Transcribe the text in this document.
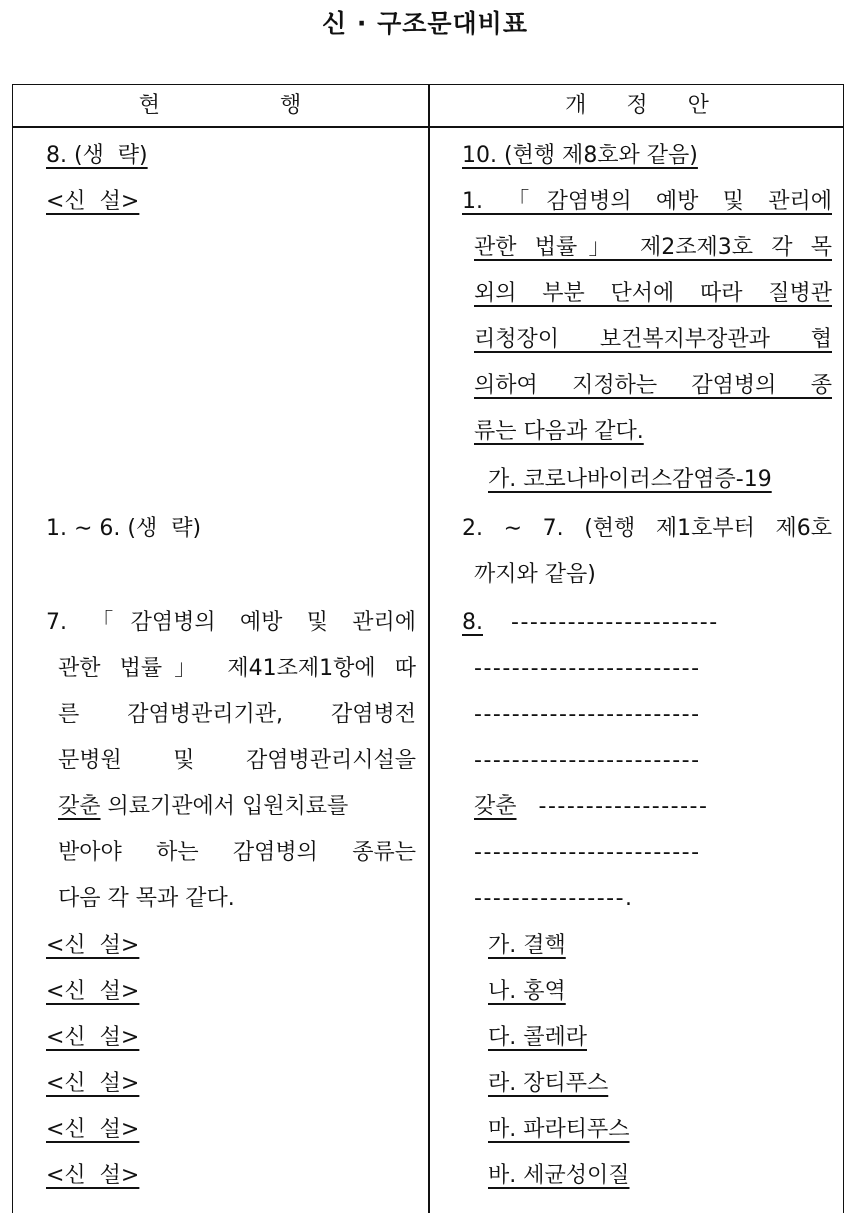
신 · 구조문대비표
현	행	개 정 안
8. (생  략)
<신  설>
1. ∼ 6. (생  략)
7. 「감염병의 예방 및 관리에
관한 법률」 제41조제1항에 따
른 감염병관리기관, 감염병전
문병원 및 감염병관리시설을
갖춘 의료기관에서 입원치료를
받아야 하는 감염병의 종류는
다음 각 목과 같다.
<신  설>
<신  설>
<신  설>
<신  설>
<신  설>
<신  설>
10. (현행 제8호와 같음)
1. 「감염병의 예방 및 관리에
관한 법률」 제2조제3호 각 목
외의 부분 단서에 따라 질병관
리청장이 보건복지부장관과 협
의하여 지정하는 감염병의 종
류는 다음과 같다.
가. 코로나바이러스감염증-19
2. ∼ 7. (현행 제1호부터 제6호
까지와 같음)
8. ----------------------
------------------------
------------------------
------------------------
갖춘 ------------------
------------------------
----------------.
가. 결핵
나. 홍역
다. 콜레라
라. 장티푸스
마. 파라티푸스
바. 세균성이질
